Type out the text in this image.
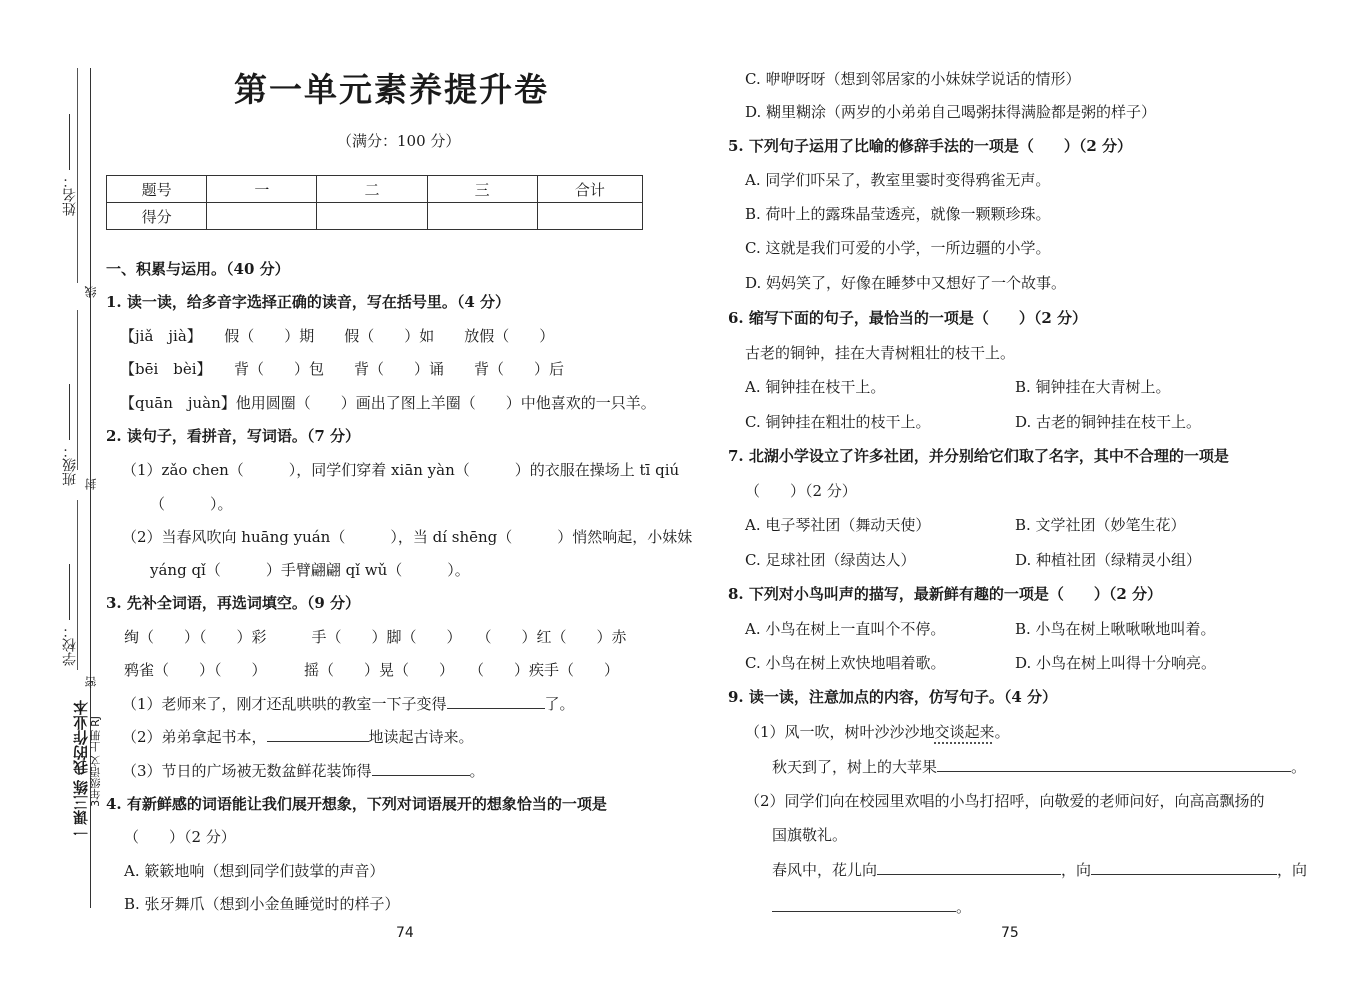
姓名：
班级：
学校：
线
封
密
一课三练 我的作业本 3年级语文 上册 RJ
第一单元素养提升卷
（满分：100 分）
题号	一	二	三	合计
得分				
一、积累与运用。（40 分）
1. 读一读，给多音字选择正确的读音，写在括号里。（4 分）
【jiǎ　jià】　　假（　　）期　　假（　　）如　　放假（　　）
【bēi　bèi】　　背（　　）包　　背（　　）诵　　背（　　）后
【quān　juàn】他用圆圈（　　）画出了图上羊圈（　　）中他喜欢的一只羊。
2. 读句子，看拼音，写词语。（7 分）
（1）zǎo chen（　　　），同学们穿着 xiān yàn（　　　）的衣服在操场上 tī qiú
（　　　）。
（2）当春风吹向 huāng yuán（　　　），当 dí shēng（　　　）悄然响起，小妹妹
yáng qǐ（　　　）手臂翩翩 qǐ wǔ（　　　）。
3. 先补全词语，再选词填空。（9 分）
绚（　　）（　　）彩　　　手（　　）脚（　　）　　（　　）红（　　）赤
鸦雀（　　）（　　）　　　摇（　　）晃（　　）　　（　　）疾手（　　）
（1）老师来了，刚才还乱哄哄的教室一下子变得	了。
（2）弟弟拿起书本，	地读起古诗来。
（3）节日的广场被无数盆鲜花装饰得	。
4. 有新鲜感的词语能让我们展开想象，下列对词语展开的想象恰当的一项是
（　　）（2 分）
A. 簌簌地响（想到同学们鼓掌的声音）
B. 张牙舞爪（想到小金鱼睡觉时的样子）
74
C. 咿咿呀呀（想到邻居家的小妹妹学说话的情形）
D. 糊里糊涂（两岁的小弟弟自己喝粥抹得满脸都是粥的样子）
5. 下列句子运用了比喻的修辞手法的一项是（　　）（2 分）
A. 同学们吓呆了，教室里霎时变得鸦雀无声。
B. 荷叶上的露珠晶莹透亮，就像一颗颗珍珠。
C. 这就是我们可爱的小学，一所边疆的小学。
D. 妈妈笑了，好像在睡梦中又想好了一个故事。
6. 缩写下面的句子，最恰当的一项是（　　）（2 分）
古老的铜钟，挂在大青树粗壮的枝干上。
A. 铜钟挂在枝干上。	B. 铜钟挂在大青树上。
C. 铜钟挂在粗壮的枝干上。	D. 古老的铜钟挂在枝干上。
7. 北湖小学设立了许多社团，并分别给它们取了名字，其中不合理的一项是
（　　）（2 分）
A. 电子琴社团（舞动天使）	B. 文学社团（妙笔生花）
C. 足球社团（绿茵达人）	D. 种植社团（绿精灵小组）
8. 下列对小鸟叫声的描写，最新鲜有趣的一项是（　　）（2 分）
A. 小鸟在树上一直叫个不停。	B. 小鸟在树上啾啾啾地叫着。
C. 小鸟在树上欢快地唱着歌。	D. 小鸟在树上叫得十分响亮。
9. 读一读，注意加点的内容，仿写句子。（4 分）
（1）风一吹，树叶沙沙沙地交谈起来。
秋天到了，树上的大苹果	。
（2）同学们向在校园里欢唱的小鸟打招呼，向敬爱的老师问好，向高高飘扬的
国旗敬礼。
春风中，花儿向	，向	，向
。
75
